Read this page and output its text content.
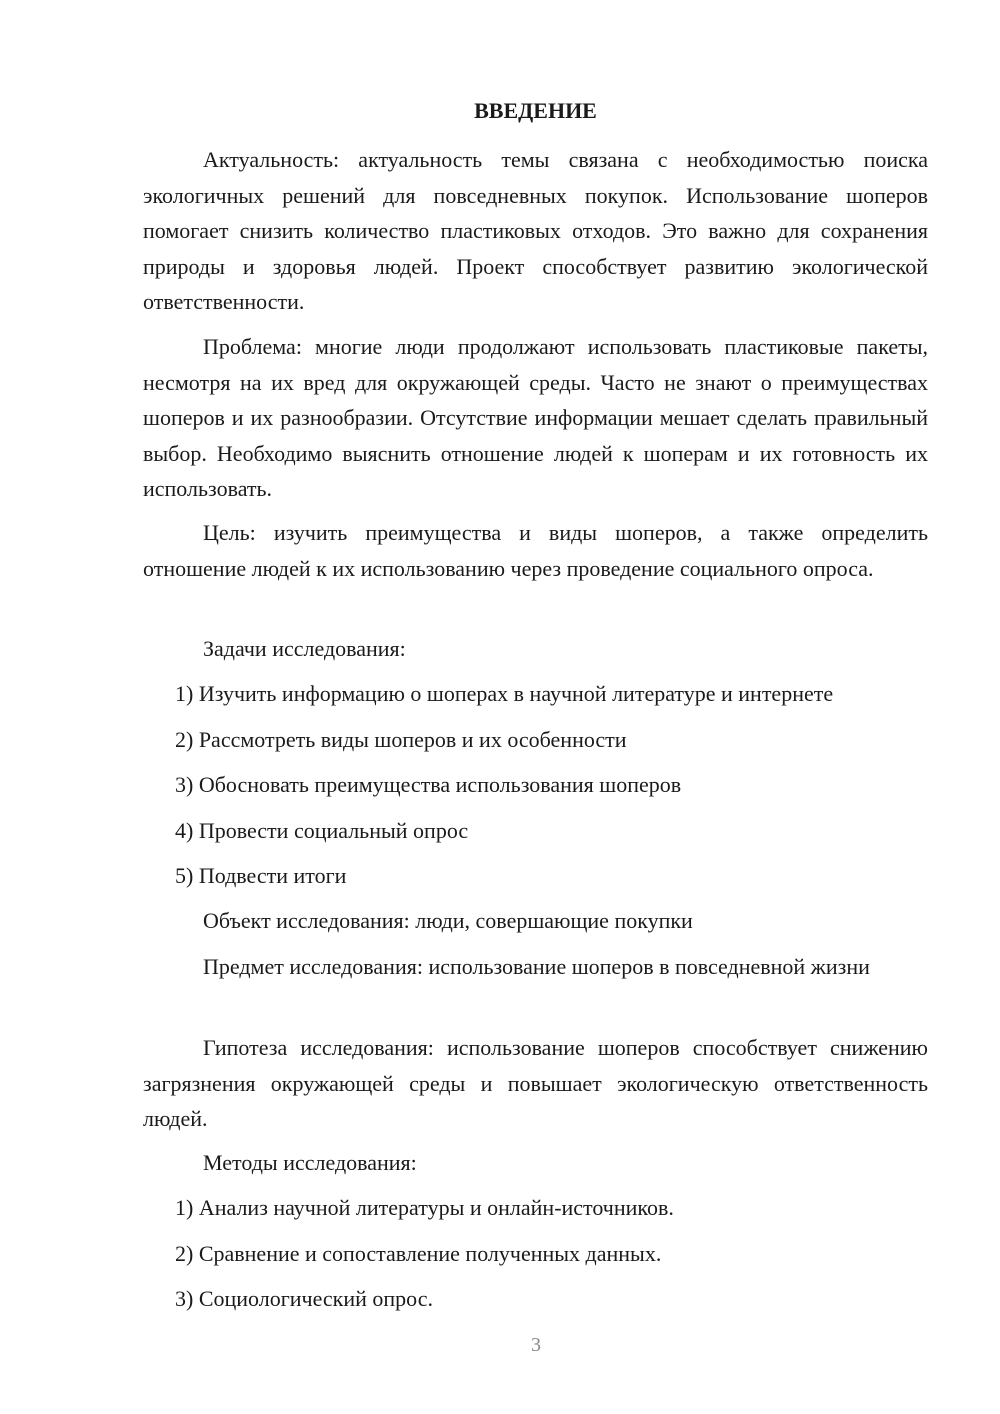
ВВЕДЕНИЕ

Актуальность: актуальность темы связана с необходимостью поиска экологичных решений для повседневных покупок. Использование шоперов помогает снизить количество пластиковых отходов. Это важно для сохранения природы и здоровья людей. Проект способствует развитию экологической ответственности.

Проблема: многие люди продолжают использовать пластиковые пакеты, несмотря на их вред для окружающей среды. Часто не знают о преимуществах шоперов и их разнообразии. Отсутствие информации мешает сделать правильный выбор. Необходимо выяснить отношение людей к шоперам и их готовность их использовать.

Цель: изучить преимущества и виды шоперов, а также определить отношение людей к их использованию через проведение социального опроса.

Задачи исследования:
1) Изучить информацию о шоперах в научной литературе и интернете
2) Рассмотреть виды шоперов и их особенности
3) Обосновать преимущества использования шоперов
4) Провести социальный опрос
5) Подвести итоги
Объект исследования: люди, совершающие покупки

Предмет исследования: использование шоперов в повседневной жизни

Гипотеза исследования: использование шоперов способствует снижению загрязнения окружающей среды и повышает экологическую ответственность людей.

Методы исследования:
1) Анализ научной литературы и онлайн-источников.
2) Сравнение и сопоставление полученных данных.
3) Социологический опрос.
3
